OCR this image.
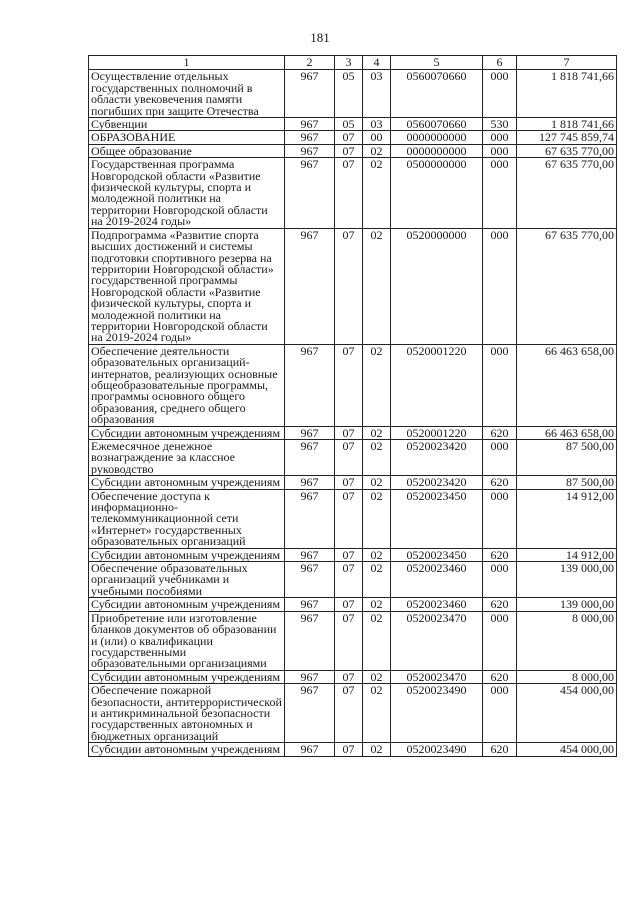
181
1	2	3	4	5	6	7
Осуществление отдельных государственных полномочий в области увековечения памяти погибших при защите Отечества	967	05	03	0560070660	000	1 818 741,66
Субвенции	967	05	03	0560070660	530	1 818 741,66
ОБРАЗОВАНИЕ	967	07	00	0000000000	000	127 745 859,74
Общее образование	967	07	02	0000000000	000	67 635 770,00
Государственная программа Новгородской области «Развитие физической культуры, спорта и молодежной политики на территории Новгородской области на 2019-2024 годы»	967	07	02	0500000000	000	67 635 770,00
Подпрограмма «Развитие спорта высших достижений и системы подготовки спортивного резерва на территории Новгородской области» государственной программы Новгородской области «Развитие физической культуры, спорта и молодежной политики на территории Новгородской области на 2019-2024 годы»	967	07	02	0520000000	000	67 635 770,00
Обеспечение деятельности образовательных организаций-интернатов, реализующих основные общеобразовательные программы, программы основного общего образования, среднего общего образования	967	07	02	0520001220	000	66 463 658,00
Субсидии автономным учреждениям	967	07	02	0520001220	620	66 463 658,00
Ежемесячное денежное вознаграждение за классное руководство	967	07	02	0520023420	000	87 500,00
Субсидии автономным учреждениям	967	07	02	0520023420	620	87 500,00
Обеспечение доступа к информационно-телекоммуникационной сети «Интернет» государственных образовательных организаций	967	07	02	0520023450	000	14 912,00
Субсидии автономным учреждениям	967	07	02	0520023450	620	14 912,00
Обеспечение образовательных организаций учебниками и учебными пособиями	967	07	02	0520023460	000	139 000,00
Субсидии автономным учреждениям	967	07	02	0520023460	620	139 000,00
Приобретение или изготовление бланков документов об образовании и (или) о квалификации государственными образовательными организациями	967	07	02	0520023470	000	8 000,00
Субсидии автономным учреждениям	967	07	02	0520023470	620	8 000,00
Обеспечение пожарной безопасности, антитеррористической и антикриминальной безопасности государственных автономных и бюджетных организаций	967	07	02	0520023490	000	454 000,00
Субсидии автономным учреждениям	967	07	02	0520023490	620	454 000,00
